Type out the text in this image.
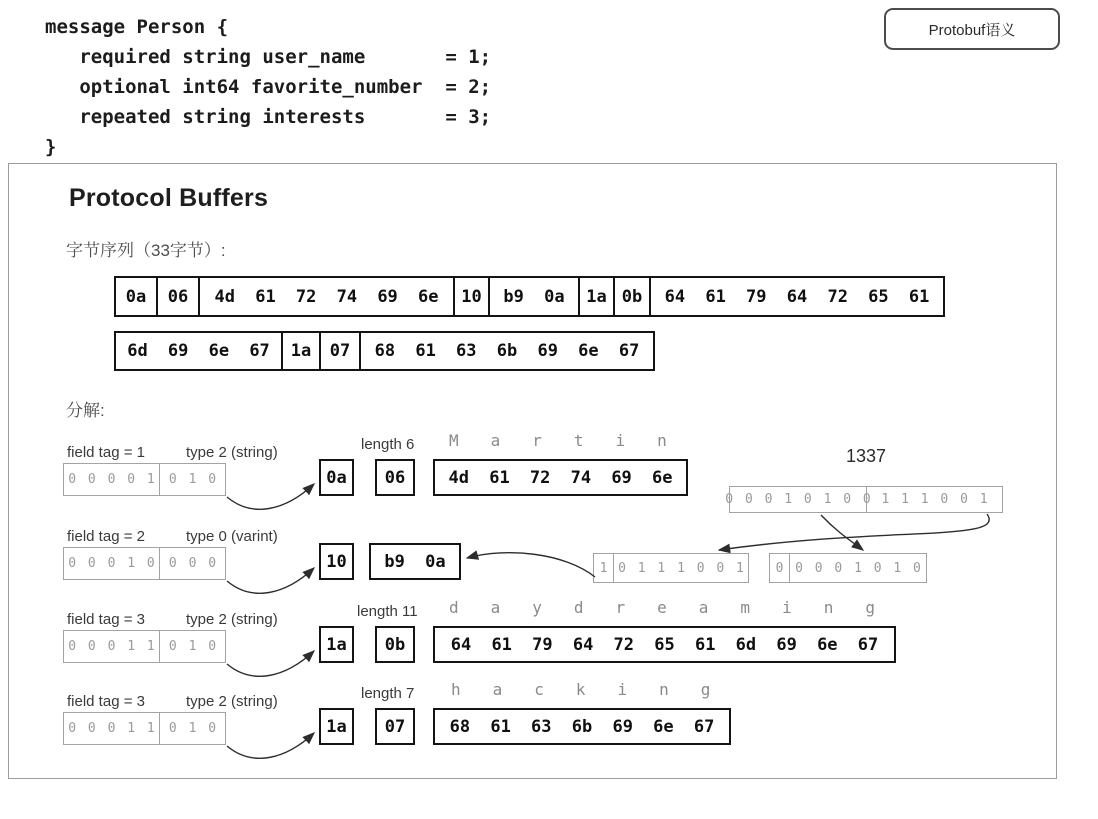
message Person {
required string user_name       = 1;
optional int64 favorite_number  = 2;
repeated string interests       = 3;
}
Protobuf语义
Protocol Buffers
字节序列（33字节）:
0a	06	4d 61 72 74 69 6e	10	b9 0a	1a 0b	64 61 79 64 72 65 61
6d 69 6e 67	1a	07	68 61 63 6b 69 6e 67
分解:
field tag = 1	type 2 (string)
0 0 0 0 1	0 1 0	0a
length 6
06
Martin
4d 61 72 74 69 6e
1337
0 0 0 1 0 1 0 0 1 1 1 0 0 1
field tag = 2	type 0 (varint)
0 0 0 1 0	0 0 0	10	b9 0a	1 0 1 1 1 0 0 1	0 0 0 0 1 0 1 0
field tag = 3	type 2 (string)
0 0 0 1 1	0 1 0	1a
length 11
0b
daydreaming
64 61 79 64 72 65 61 6d 69 6e 67
field tag = 3	type 2 (string)
0 0 0 1 1	0 1 0	1a
length 7
07
hacking
68 61 63 6b 69 6e 67
